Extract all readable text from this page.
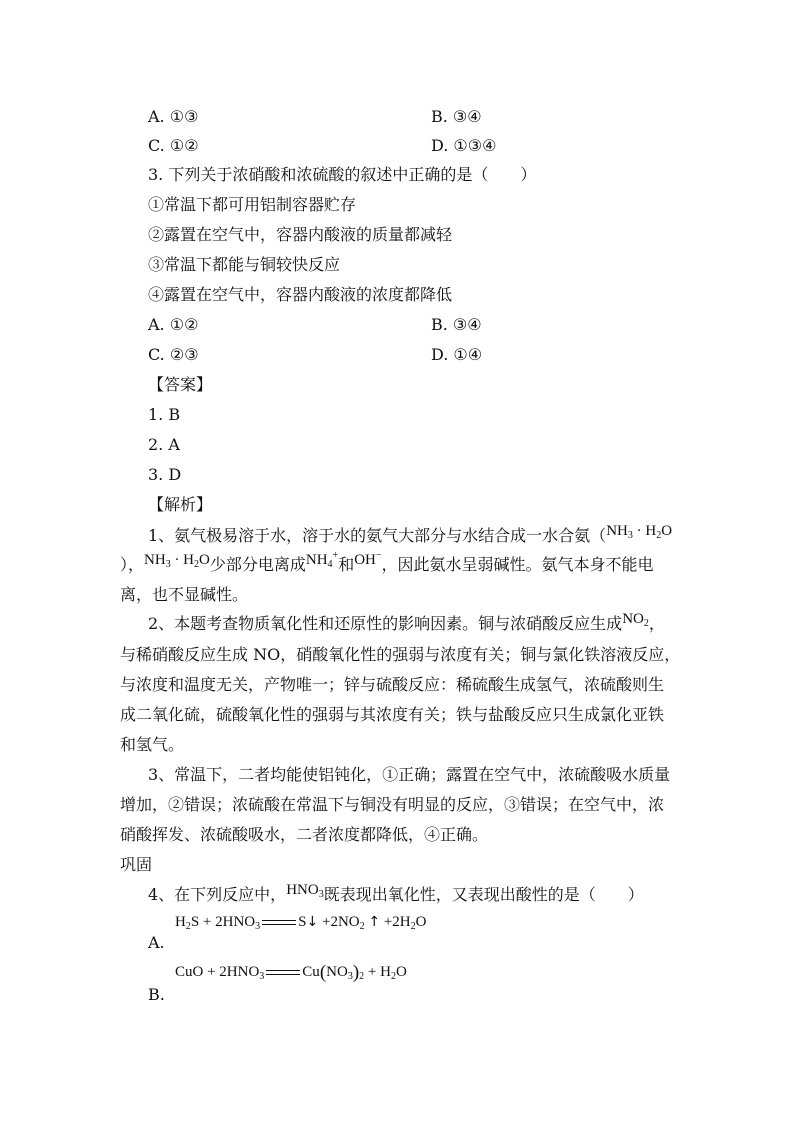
A. ①③	B. ③④
C. ①②	D. ①③④
3. 下列关于浓硝酸和浓硫酸的叙述中正确的是（　　）
①常温下都可用铝制容器贮存
②露置在空气中，容器内酸液的质量都减轻
③常温下都能与铜较快反应
④露置在空气中，容器内酸液的浓度都降低
A. ①②	B. ③④
C. ②③	D. ①④
【答案】
1. B
2. A
3. D
【解析】
1、氨气极易溶于水，溶于水的氨气大部分与水结合成一水合氨（$NH_3 \cdot H_2O$
），$NH_3 \cdot H_2O$少部分电离成$NH_4^+$和OH−，因此氨水呈弱碱性。氨气本身不能电
离，也不显碱性。
2、本题考查物质氧化性和还原性的影响因素。铜与浓硝酸反应生成$NO_2$，
与稀硝酸反应生成 NO，硝酸氧化性的强弱与浓度有关；铜与氯化铁溶液反应，
与浓度和温度无关，产物唯一；锌与硫酸反应：稀硫酸生成氢气，浓硫酸则生
成二氧化硫，硫酸氧化性的强弱与其浓度有关；铁与盐酸反应只生成氯化亚铁
和氢气。
3、常温下，二者均能使铝钝化，①正确；露置在空气中，浓硫酸吸水质量
增加，②错误；浓硫酸在常温下与铜没有明显的反应，③错误；在空气中，浓
硝酸挥发、浓硫酸吸水，二者浓度都降低，④正确。
巩固
4、在下列反应中，$HNO_3$既表现出氧化性，又表现出酸性的是（　　）
$H_2S + 2HNO_3$	S↓ $+2NO_2$ ↑ $+2H_2O$
A.
CuO + $2HNO_3$	$Cu(NO_3)_2 + H_2O$
B.
